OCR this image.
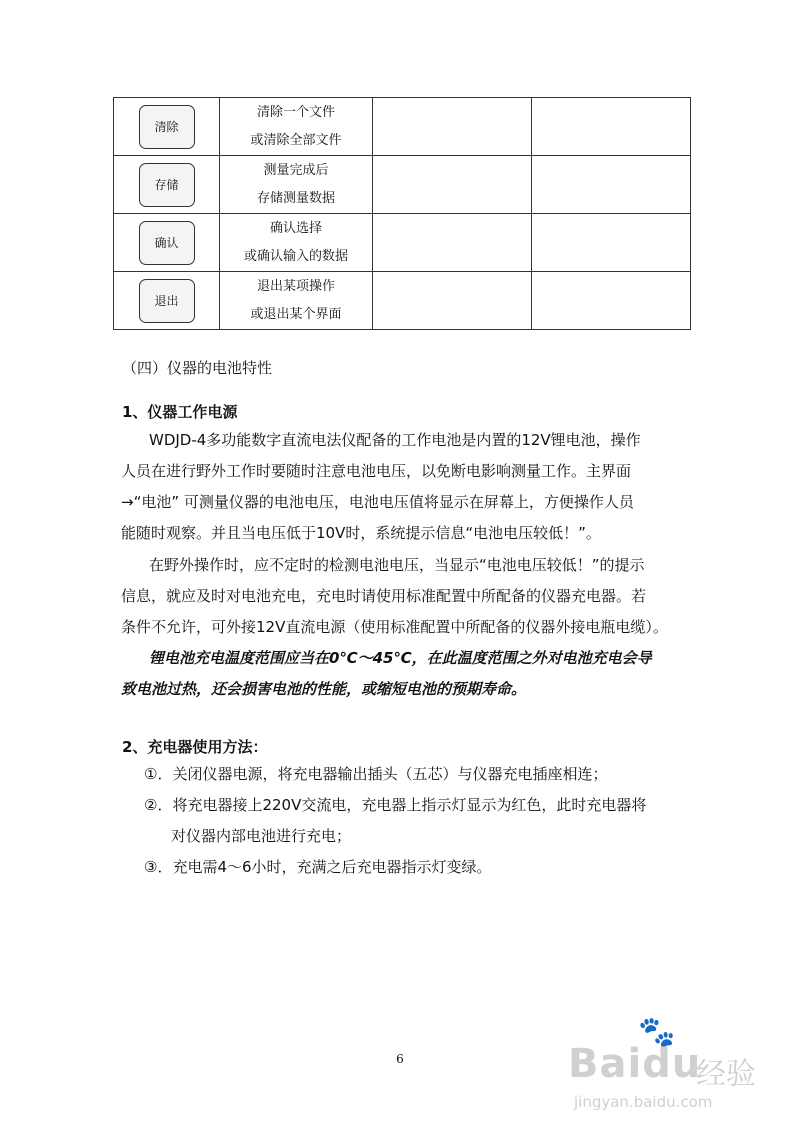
清除	清除一个文件
或清除全部文件		

存储	测量完成后
存储测量数据		

确认	确认选择
或确认输入的数据		

退出	退出某项操作
或退出某个界面		

（四）仪器的电池特性
1、仪器工作电源
WDJD-4多功能数字直流电法仪配备的工作电池是内置的12V锂电池，操作
人员在进行野外工作时要随时注意电池电压，以免断电影响测量工作。主界面
→“电池” 可测量仪器的电池电压，电池电压值将显示在屏幕上，方便操作人员
能随时观察。并且当电压低于10V时，系统提示信息“电池电压较低！”。
在野外操作时，应不定时的检测电池电压，当显示“电池电压较低！”的提示
信息，就应及时对电池充电，充电时请使用标准配置中所配备的仪器充电器。若
条件不允许，可外接12V直流电源（使用标准配置中所配备的仪器外接电瓶电缆）。
锂电池充电温度范围应当在0℃～45℃，在此温度范围之外对电池充电会导
致电池过热，还会损害电池的性能，或缩短电池的预期寿命。
2、充电器使用方法：
①．关闭仪器电源，将充电器输出插头（五芯）与仪器充电插座相连；
②．将充电器接上220V交流电，充电器上指示灯显示为红色，此时充电器将
对仪器内部电池进行充电；
③．充电需4～6小时，充满之后充电器指示灯变绿。
6
🐾
Baidu
经验
jingyan.baidu.com
